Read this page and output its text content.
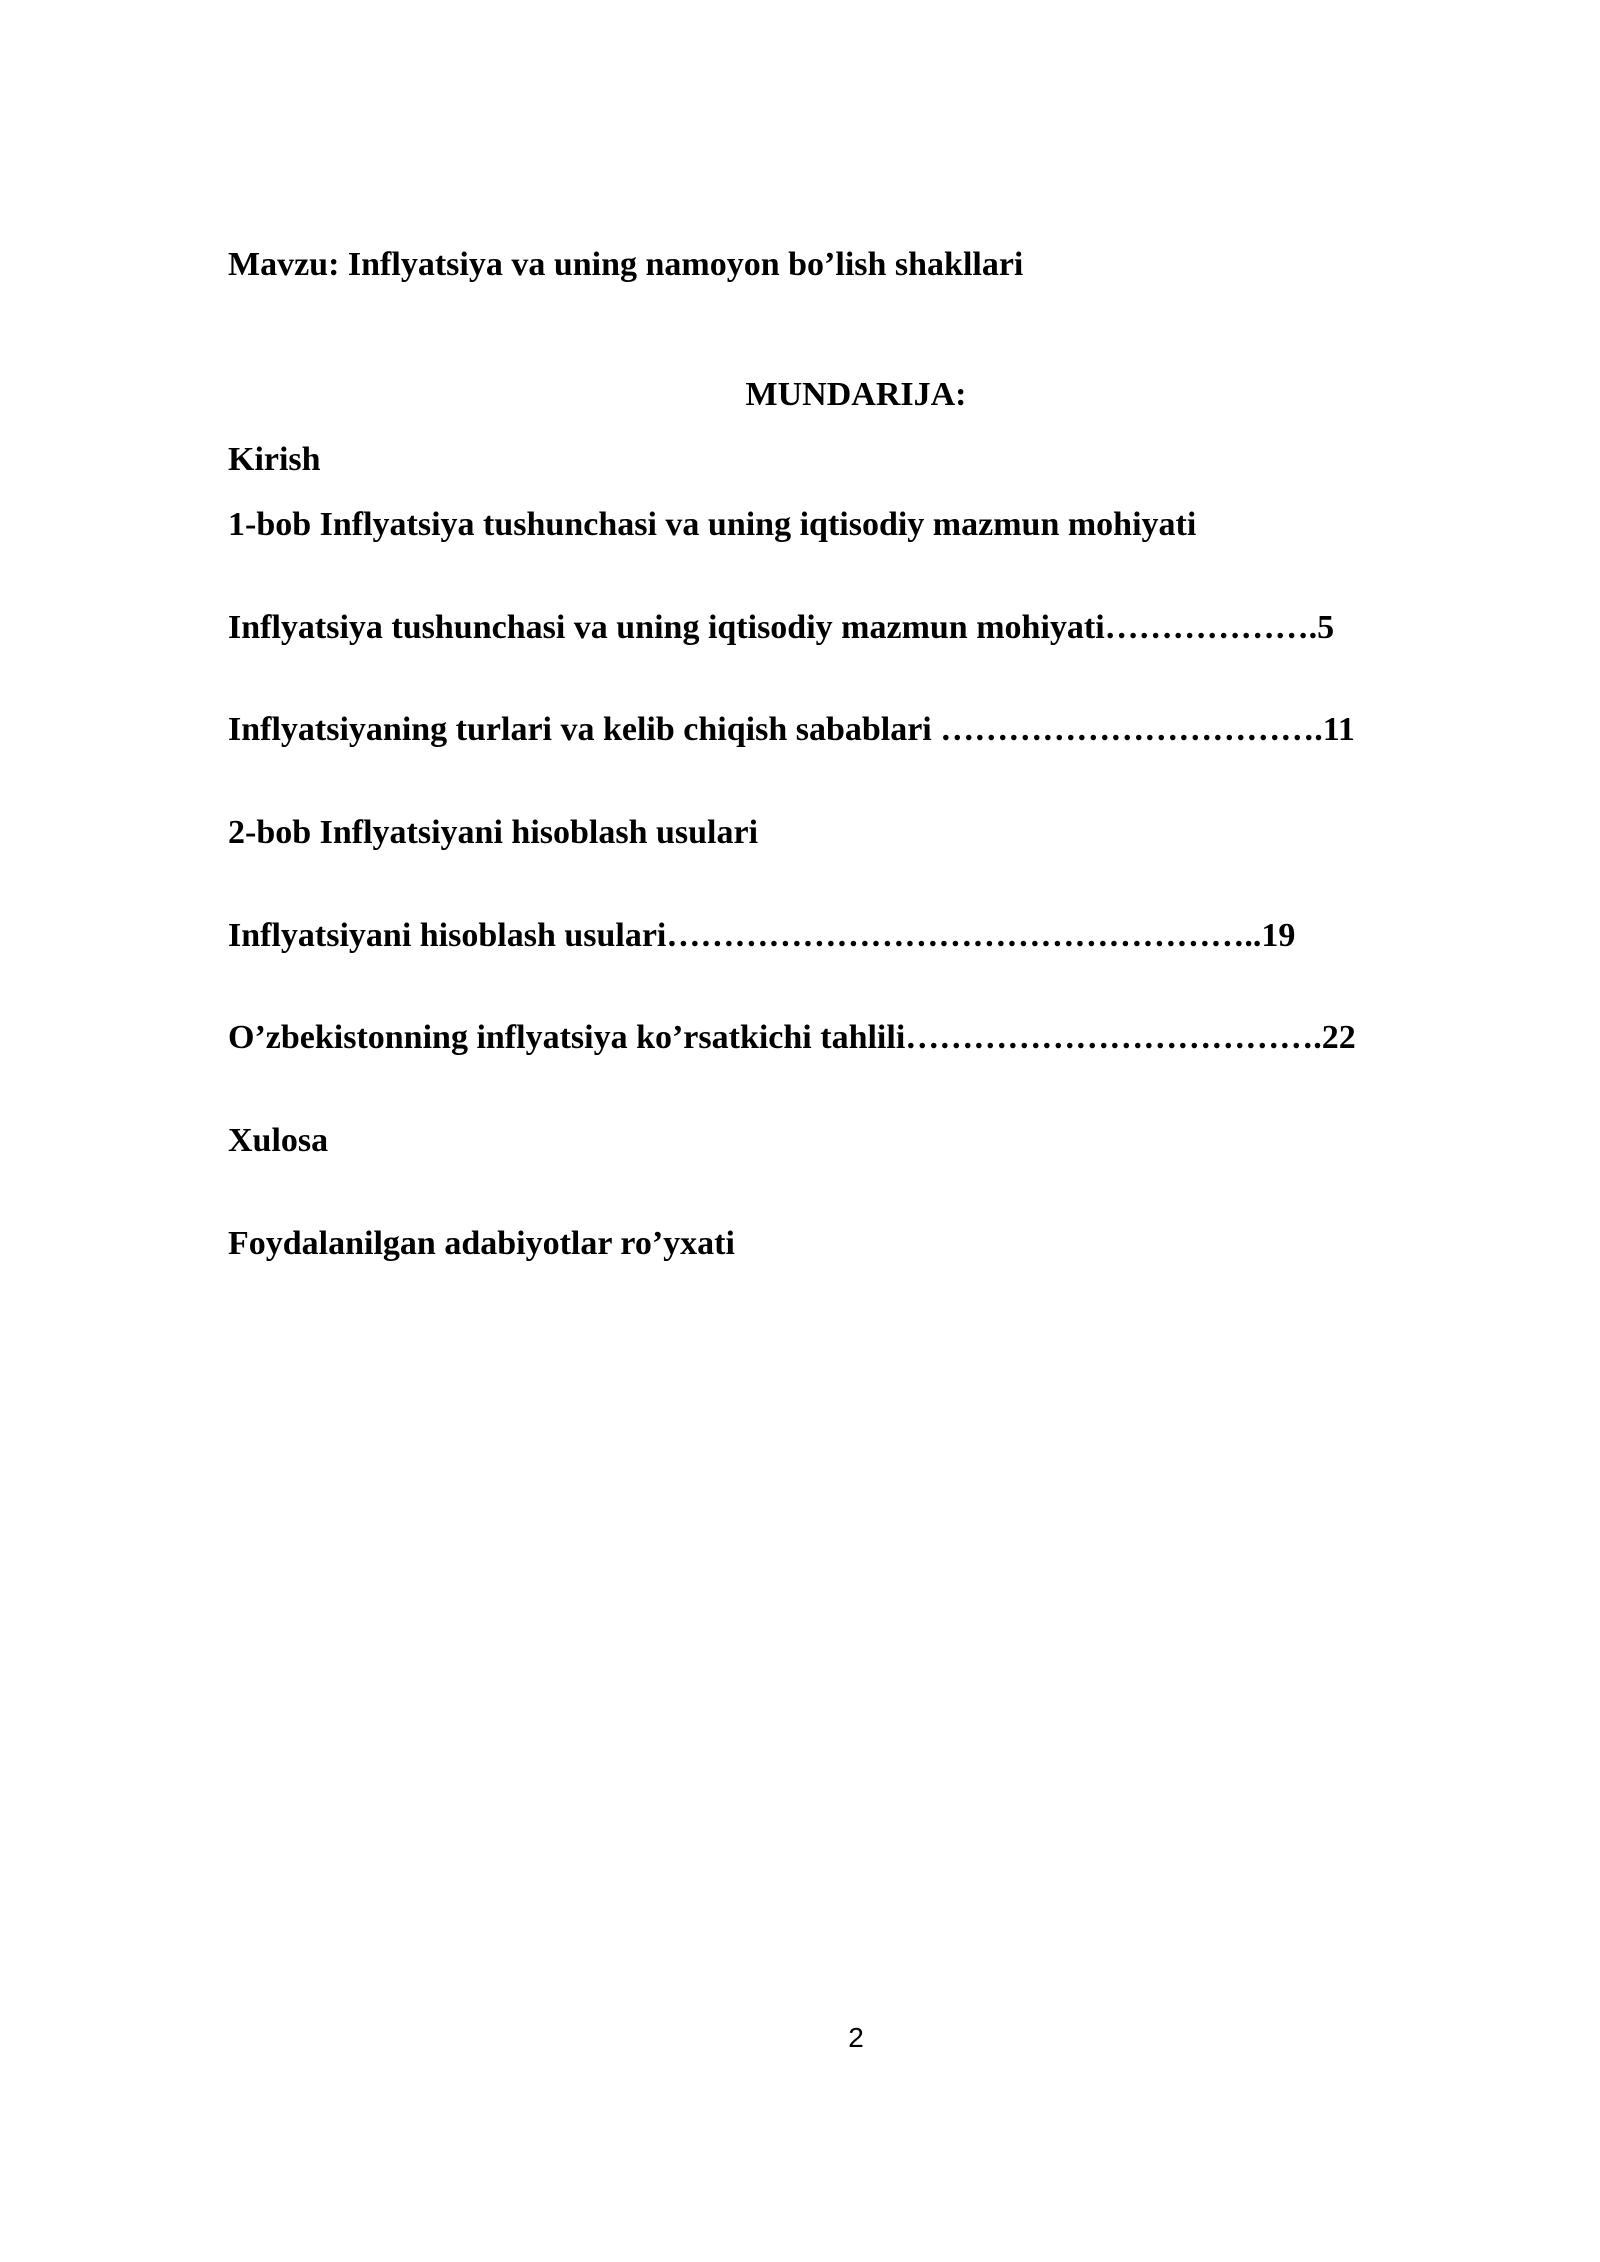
Mavzu: Inflyatsiya va uning namoyon bo’lish shakllari
MUNDARIJA:
Kirish
1-bob Inflyatsiya tushunchasi va uning iqtisodiy mazmun mohiyati
Inflyatsiya tushunchasi va uning iqtisodiy mazmun mohiyati……………….5
Inflyatsiyaning turlari va kelib chiqish sabablari …………………………….11
2-bob Inflyatsiyani hisoblash usulari
Inflyatsiyani hisoblash usulari……………………………………………..19
O’zbekistonning inflyatsiya ko’rsatkichi tahlili……………………………….22
Xulosa
Foydalanilgan adabiyotlar ro’yxati
2
